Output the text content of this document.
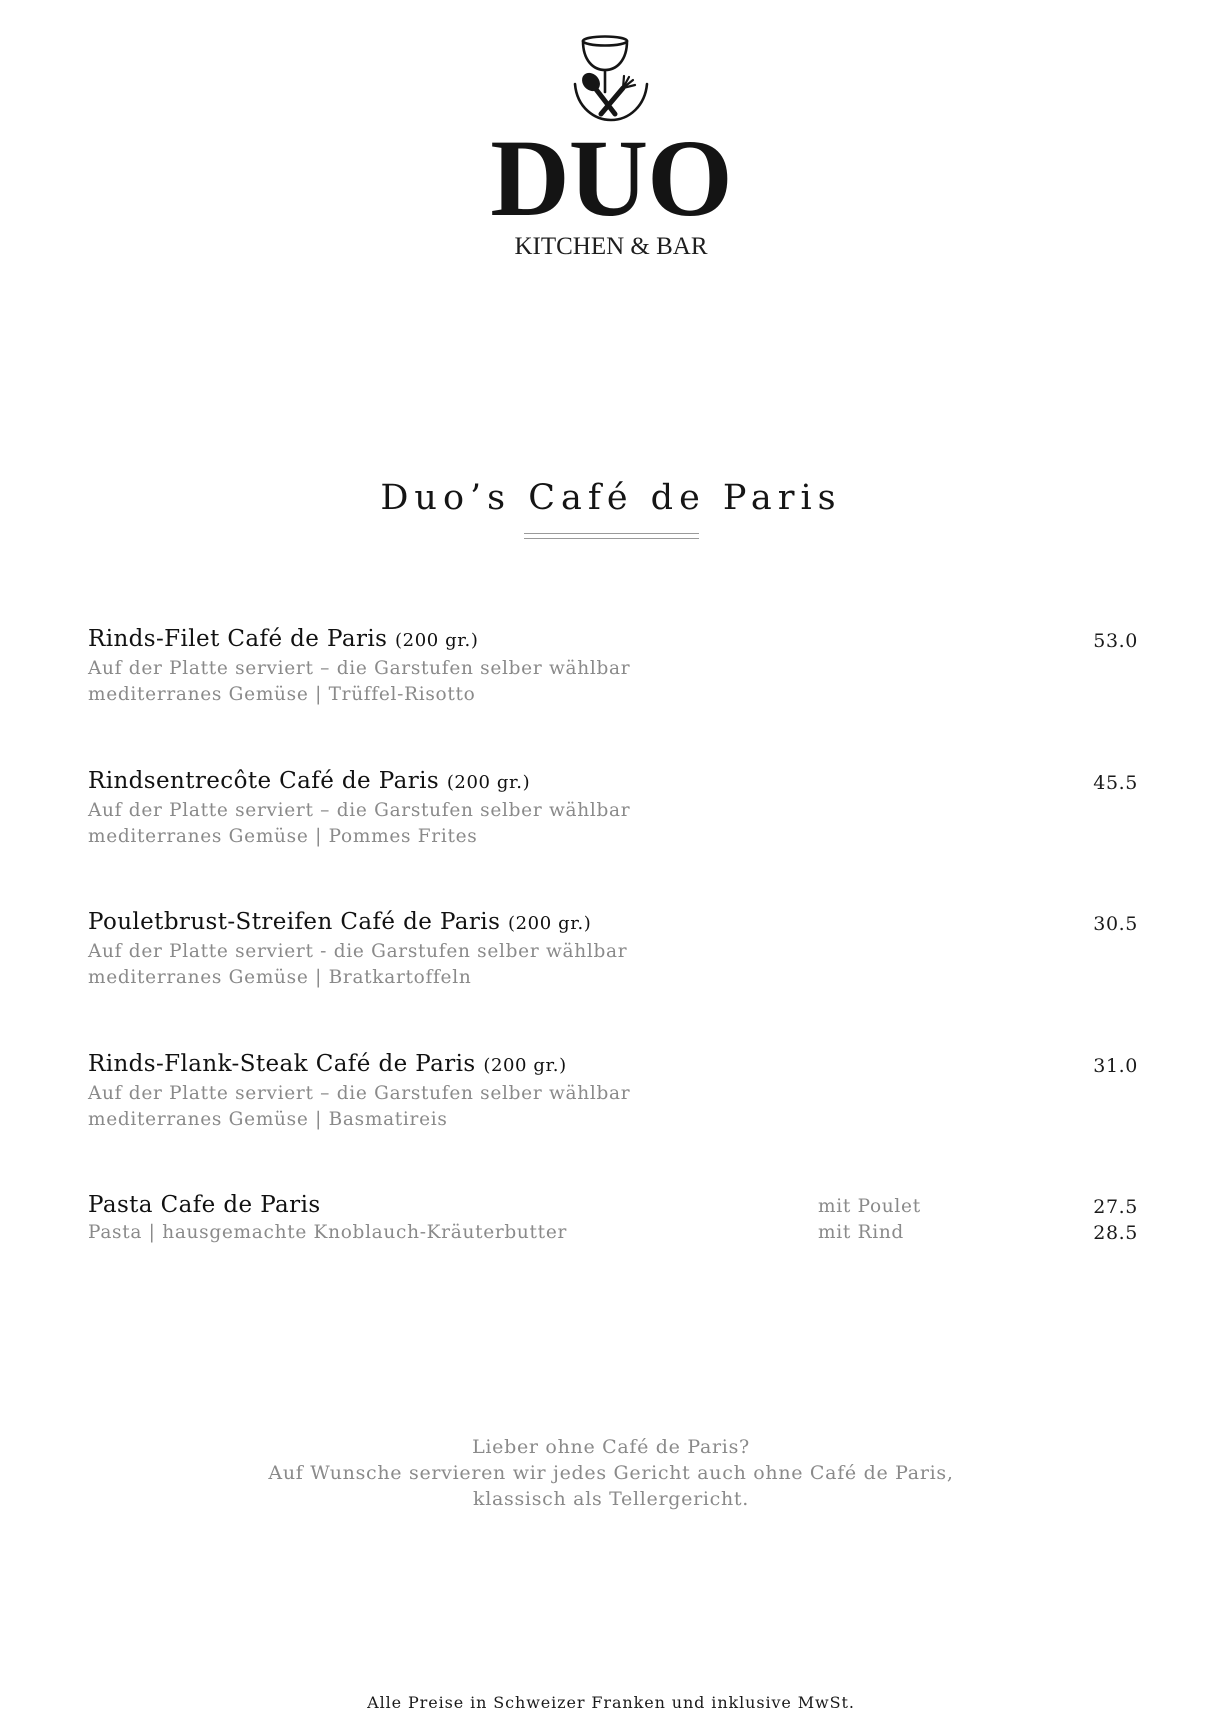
DUO
KITCHEN & BAR
Duo’s Café de Paris
Rinds-Filet Café de Paris (200 gr.)
Auf der Platte serviert – die Garstufen selber wählbar
mediterranes Gemüse | Trüffel-Risotto
53.0
Rindsentrecôte Café de Paris (200 gr.)
Auf der Platte serviert – die Garstufen selber wählbar
mediterranes Gemüse | Pommes Frites
45.5
Pouletbrust-Streifen Café de Paris (200 gr.)
Auf der Platte serviert - die Garstufen selber wählbar
mediterranes Gemüse | Bratkartoffeln
30.5
Rinds-Flank-Steak Café de Paris (200 gr.)
Auf der Platte serviert – die Garstufen selber wählbar
mediterranes Gemüse | Basmatireis
31.0
Pasta Cafe de Paris
Pasta | hausgemachte Knoblauch-Kräuterbutter
mit Poulet	27.5
mit Rind	28.5
Lieber ohne Café de Paris?
Auf Wunsche servieren wir jedes Gericht auch ohne Café de Paris,
klassisch als Tellergericht.
Alle Preise in Schweizer Franken und inklusive MwSt.
